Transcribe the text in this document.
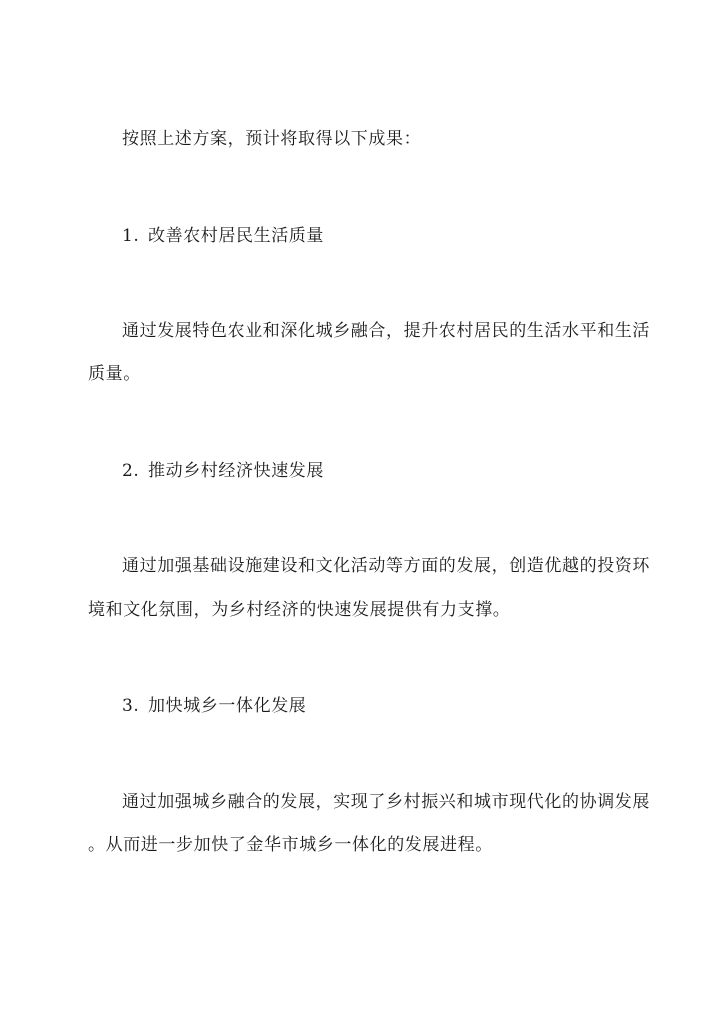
按照上述方案，预计将取得以下成果：
1. 改善农村居民生活质量
通过发展特色农业和深化城乡融合，提升农村居民的生活水平和生活
质量。
2. 推动乡村经济快速发展
通过加强基础设施建设和文化活动等方面的发展，创造优越的投资环
境和文化氛围，为乡村经济的快速发展提供有力支撑。
3. 加快城乡一体化发展
通过加强城乡融合的发展，实现了乡村振兴和城市现代化的协调发展
。从而进一步加快了金华市城乡一体化的发展进程。
